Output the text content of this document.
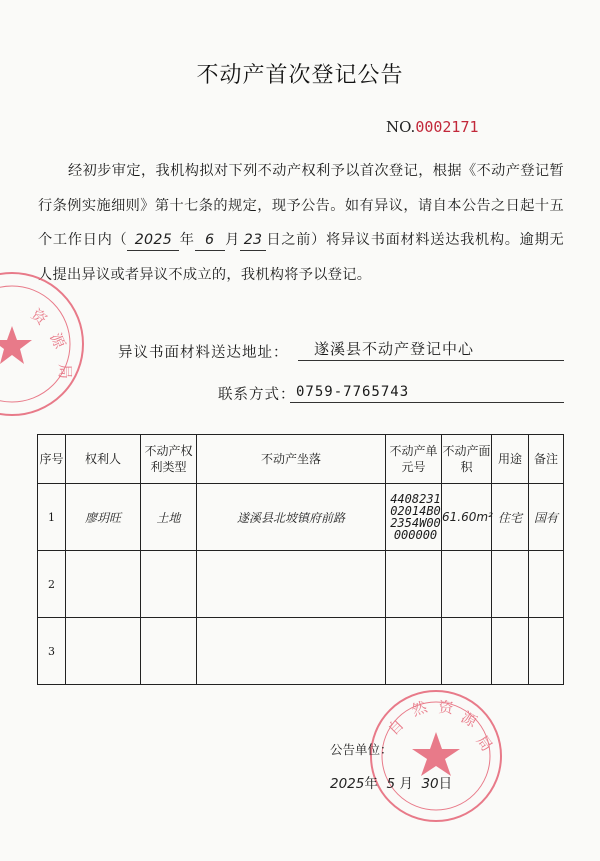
不动产首次登记公告
NO.0002171
经初步审定，我机构拟对下列不动产权利予以首次登记，根据《不动产登记暂行条例实施细则》第十七条的规定，现予公告。如有异议，请自本公告之日起十五个工作日内（ 2025 年 6 月 23 日之前）将异议书面材料送达我机构。逾期无人提出异议或者异议不成立的，我机构将予以登记。
异议书面材料送达地址：	遂溪县不动产登记中心
联系方式： 0759-7765743
序号	权利人	不动产权利类型	不动产坐落	不动产单元号	不动产面积	用途	备注
1	廖玥旺	土地	遂溪县北坡镇府前路	440823102014B02354W00000000	61.60m²	住宅	国有
2							
3							
资
源
局
自
然 资
源
局
公告单位：
2025年 5 月 30日
